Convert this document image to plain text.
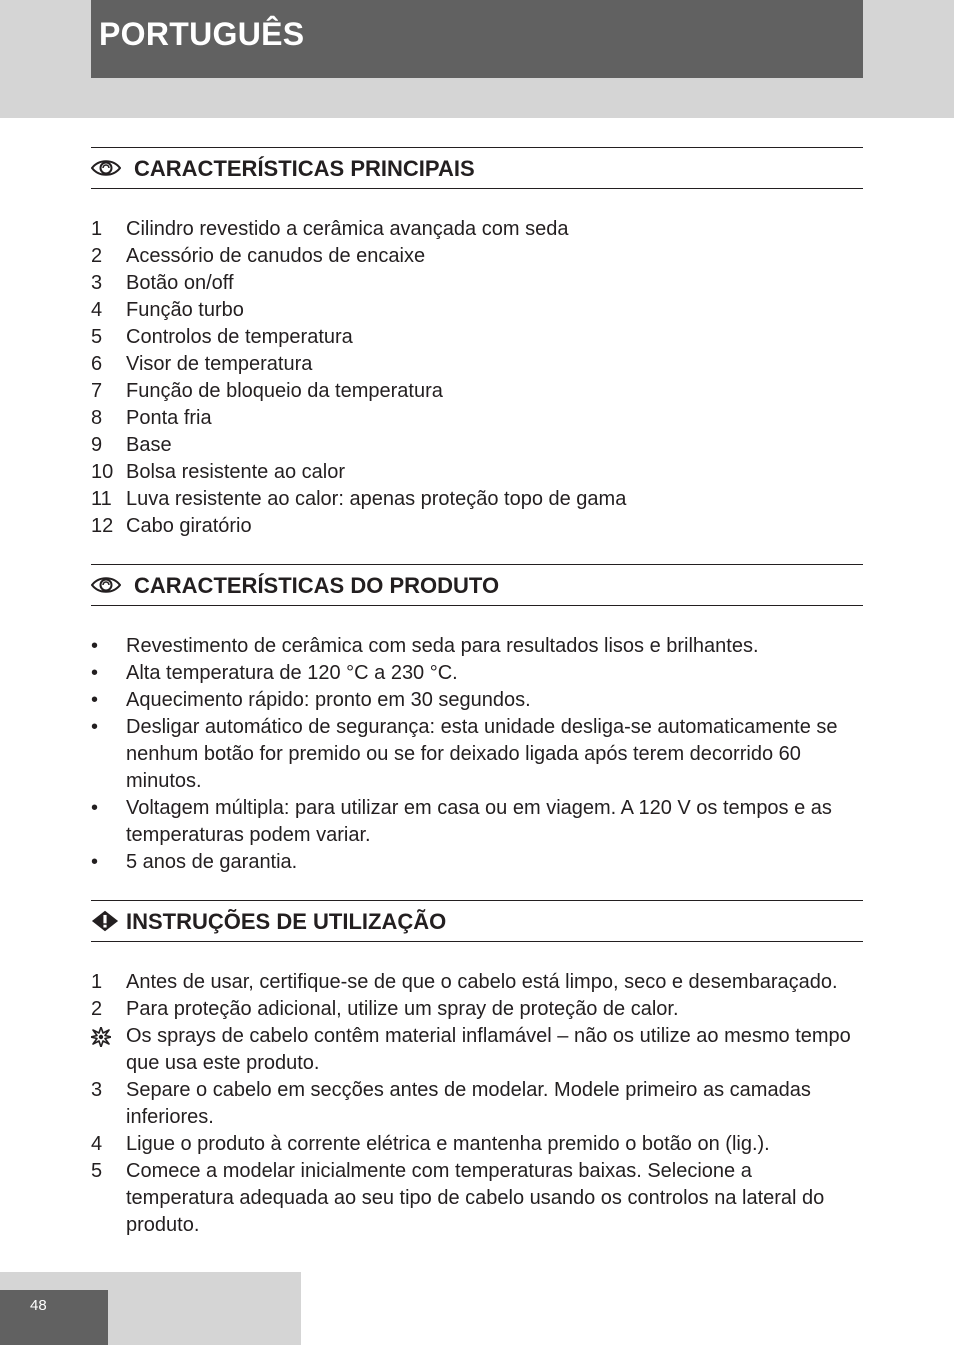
PORTUGUÊS
CARACTERÍSTICAS PRINCIPAIS
1	Cilindro revestido a cerâmica avançada com seda
2	Acessório de canudos de encaixe
3	Botão on/off
4	Função turbo
5	Controlos de temperatura
6	Visor de temperatura
7	Função de bloqueio da temperatura
8	Ponta fria
9	Base
10 Bolsa resistente ao calor
11 Luva resistente ao calor: apenas proteção topo de gama
12 Cabo giratório
CARACTERÍSTICAS DO PRODUTO
• Revestimento de cerâmica com seda para resultados lisos e brilhantes.
• Alta temperatura de 120 °C a 230 °C.
• Aquecimento rápido: pronto em 30 segundos.
• Desligar automático de segurança: esta unidade desliga-se automaticamente se nenhum botão for premido ou se for deixado ligada após terem decorrido 60 minutos.
• Voltagem múltipla: para utilizar em casa ou em viagem. A 120 V os tempos e as temperaturas podem variar.
• 5 anos de garantia.
INSTRUÇÕES DE UTILIZAÇÃO
1	Antes de usar, certifique-se de que o cabelo está limpo, seco e desembaraçado.
2	Para proteção adicional, utilize um spray de proteção de calor.
Os sprays de cabelo contêm material inflamável – não os utilize ao mesmo tempo que usa este produto.
3	Separe o cabelo em secções antes de modelar. Modele primeiro as camadas inferiores.
4	Ligue o produto à corrente elétrica e mantenha premido o botão on (lig.).
5	Comece a modelar inicialmente com temperaturas baixas. Selecione a temperatura adequada ao seu tipo de cabelo usando os controlos na lateral do produto.
48
